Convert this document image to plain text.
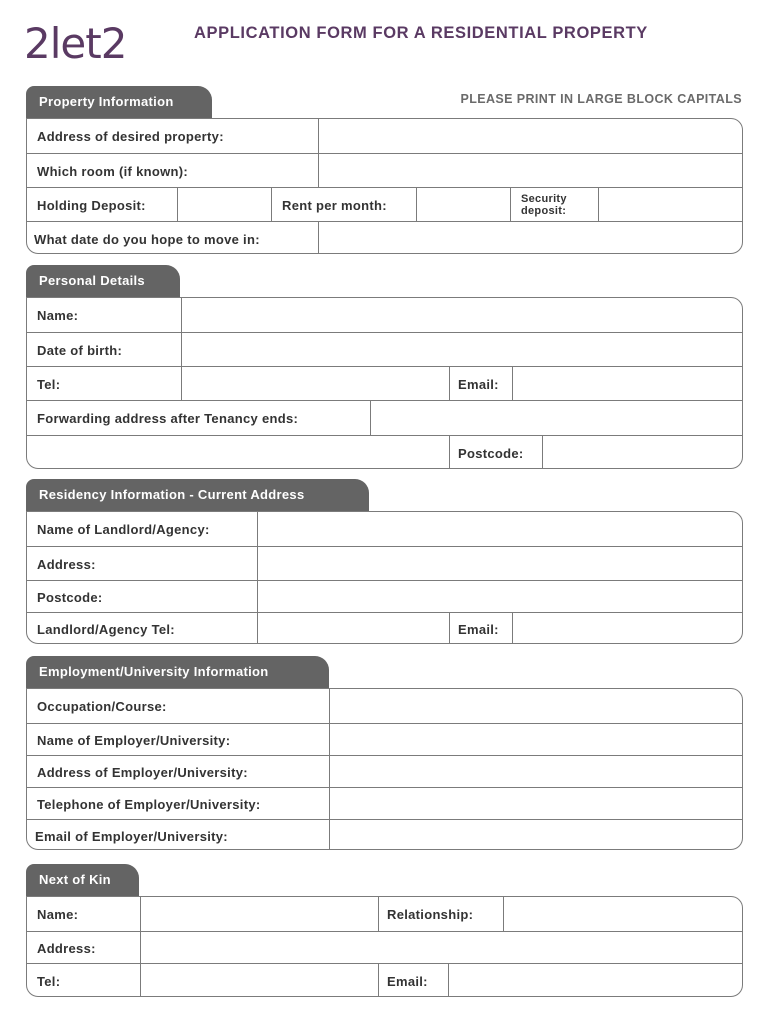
2let2	APPLICATION FORM FOR A RESIDENTIAL PROPERTY
PLEASE PRINT IN LARGE BLOCK CAPITALS
Property Information
Address of desired property:
Which room (if known):
Holding Deposit:	Rent per month:	Security
deposit:
What date do you hope to move in:
Personal Details
Name:
Date of birth:
Tel:	Email:
Forwarding address after Tenancy ends:
Postcode:
Residency Information - Current Address
Name of Landlord/Agency:
Address:
Postcode:
Landlord/Agency Tel:	Email:
Employment/University Information
Occupation/Course:
Name of Employer/University:
Address of Employer/University:
Telephone of Employer/University:
Email of Employer/University:
Next of Kin
Name:	Relationship:
Address:
Tel:	Email:
